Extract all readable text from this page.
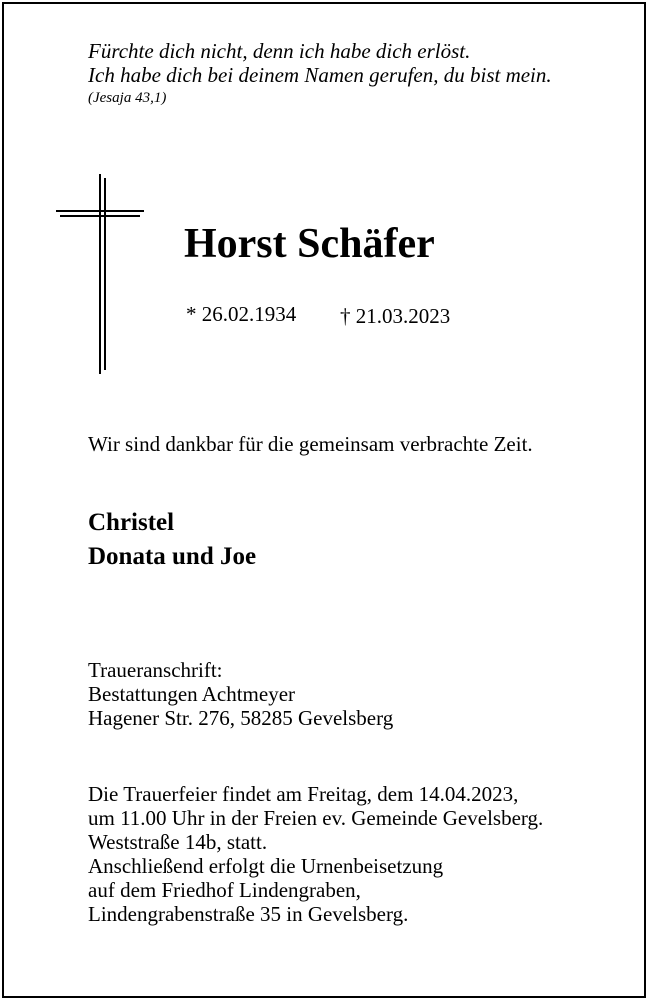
Fürchte dich nicht, denn ich habe dich erlöst.
Ich habe dich bei deinem Namen gerufen, du bist mein.
(Jesaja 43,1)
Horst Schäfer
* 26.02.1934 † 21.03.2023
Wir sind dankbar für die gemeinsam verbrachte Zeit.
Christel
Donata und Joe
Traueranschrift:
Bestattungen Achtmeyer
Hagener Str. 276, 58285 Gevelsberg
Die Trauerfeier findet am Freitag, dem 14.04.2023,
um 11.00 Uhr in der Freien ev. Gemeinde Gevelsberg.
Weststraße 14b, statt.
Anschließend erfolgt die Urnenbeisetzung
auf dem Friedhof Lindengraben,
Lindengrabenstraße 35 in Gevelsberg.
